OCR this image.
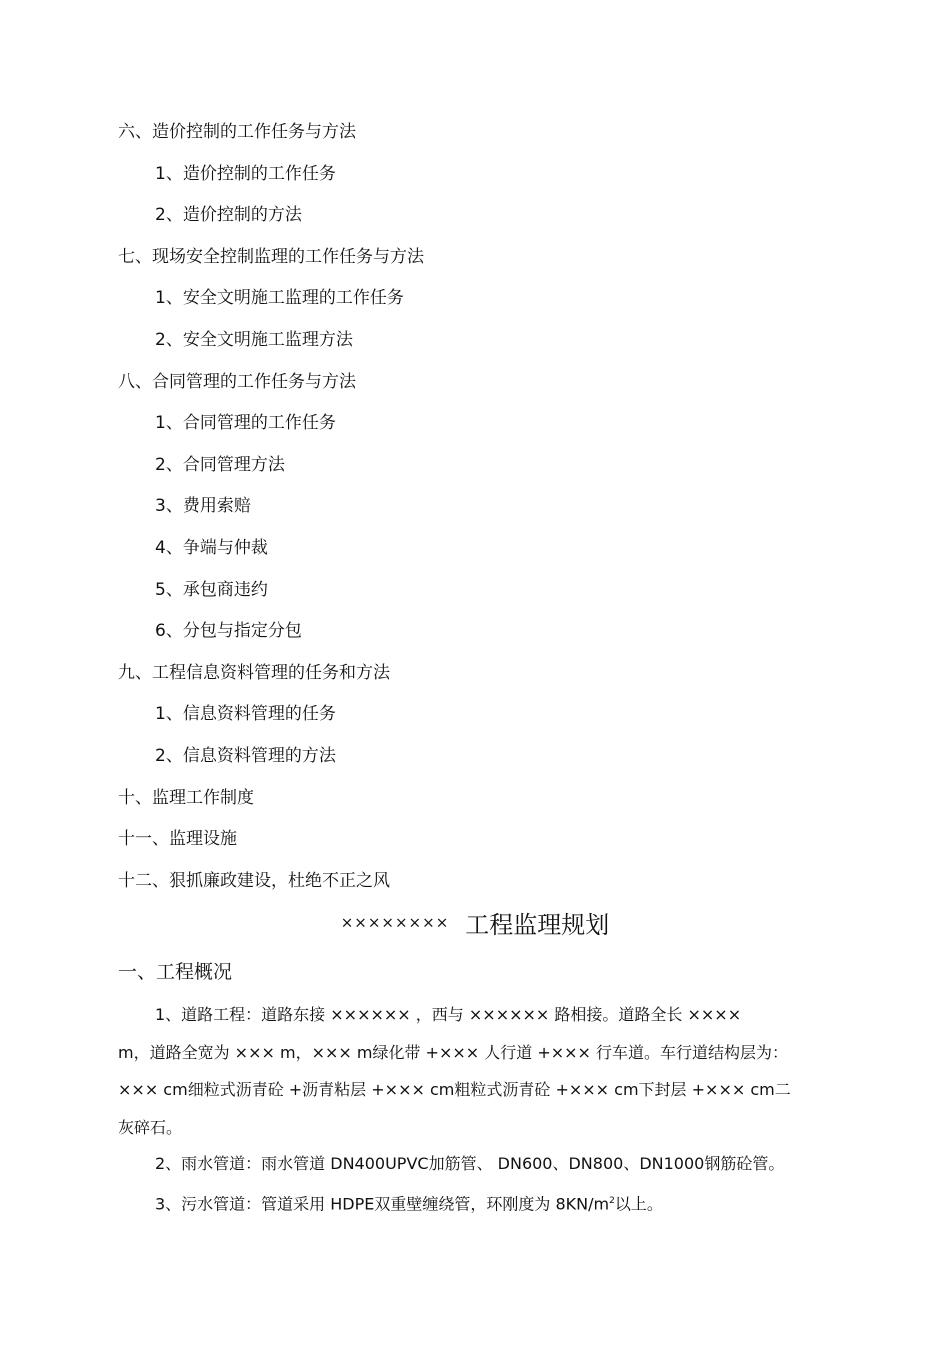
六、造价控制的工作任务与方法
1、造价控制的工作任务
2、造价控制的方法
七、现场安全控制监理的工作任务与方法
1、安全文明施工监理的工作任务
2、安全文明施工监理方法
八、合同管理的工作任务与方法
1、合同管理的工作任务
2、合同管理方法
3、费用索赔
4、争端与仲裁
5、承包商违约
6、分包与指定分包
九、工程信息资料管理的任务和方法
1、信息资料管理的任务
2、信息资料管理的方法
十、监理工作制度
十一、监理设施
十二、狠抓廉政建设，杜绝不正之风
×××××××× 工程监理规划
一、工程概况
1、道路工程：道路东接 ×××××× ，西与 ×××××× 路相接。道路全长 ××××
m，道路全宽为 ××× m，××× m绿化带 +××× 人行道 +××× 行车道。车行道结构层为：
××× cm细粒式沥青砼 +沥青粘层 +××× cm粗粒式沥青砼 +××× cm下封层 +××× cm二
灰碎石。
2、雨水管道：雨水管道 DN400UPVC加筋管、 DN600、DN800、DN1000钢筋砼管。
3、污水管道：管道采用 HDPE双重壁缠绕管，环刚度为 $8KN/m^2$以上。
